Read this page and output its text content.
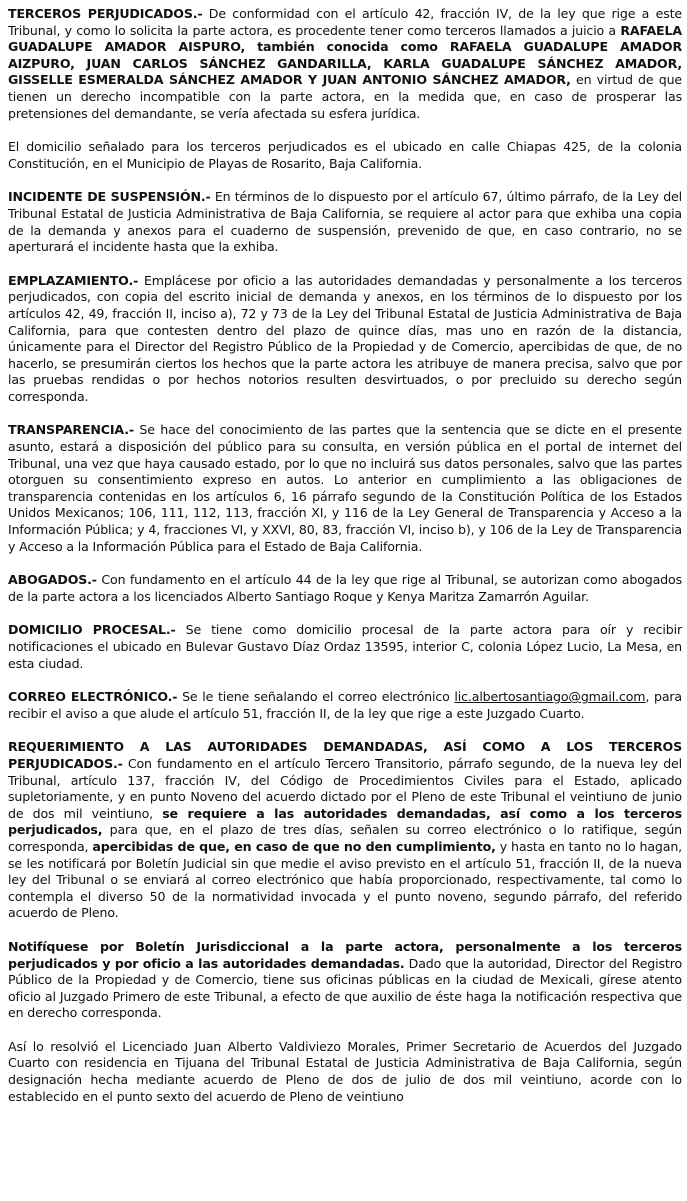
TERCEROS PERJUDICADOS.- De conformidad con el artículo 42, fracción IV, de la ley que rige a este Tribunal, y como lo solicita la parte actora, es procedente tener como terceros llamados a juicio a RAFAELA GUADALUPE AMADOR AISPURO, también conocida como RAFAELA GUADALUPE AMADOR AIZPURO, JUAN CARLOS SÁNCHEZ GANDARILLA, KARLA GUADALUPE SÁNCHEZ AMADOR, GISSELLE ESMERALDA SÁNCHEZ AMADOR Y JUAN ANTONIO SÁNCHEZ AMADOR, en virtud de que tienen un derecho incompatible con la parte actora, en la medida que, en caso de prosperar las pretensiones del demandante, se vería afectada su esfera jurídica.

El domicilio señalado para los terceros perjudicados es el ubicado en calle Chiapas 425, de la colonia Constitución, en el Municipio de Playas de Rosarito, Baja California.

INCIDENTE DE SUSPENSIÓN.- En términos de lo dispuesto por el artículo 67, último párrafo, de la Ley del Tribunal Estatal de Justicia Administrativa de Baja California, se requiere al actor para que exhiba una copia de la demanda y anexos para el cuaderno de suspensión, prevenido de que, en caso contrario, no se aperturará el incidente hasta que la exhiba.

EMPLAZAMIENTO.- Emplácese por oficio a las autoridades demandadas y personalmente a los terceros perjudicados, con copia del escrito inicial de demanda y anexos, en los términos de lo dispuesto por los artículos 42, 49, fracción II, inciso a), 72 y 73 de la Ley del Tribunal Estatal de Justicia Administrativa de Baja California, para que contesten dentro del plazo de quince días, mas uno en razón de la distancia, únicamente para el Director del Registro Público de la Propiedad y de Comercio, apercibidas de que, de no hacerlo, se presumirán ciertos los hechos que la parte actora les atribuye de manera precisa, salvo que por las pruebas rendidas o por hechos notorios resulten desvirtuados, o por precluido su derecho según corresponda.

TRANSPARENCIA.- Se hace del conocimiento de las partes que la sentencia que se dicte en el presente asunto, estará a disposición del público para su consulta, en versión pública en el portal de internet del Tribunal, una vez que haya causado estado, por lo que no incluirá sus datos personales, salvo que las partes otorguen su consentimiento expreso en autos. Lo anterior en cumplimiento a las obligaciones de transparencia contenidas en los artículos 6, 16 párrafo segundo de la Constitución Política de los Estados Unidos Mexicanos; 106, 111, 112, 113, fracción XI, y 116 de la Ley General de Transparencia y Acceso a la Información Pública; y 4, fracciones VI, y XXVI, 80, 83, fracción VI, inciso b), y 106 de la Ley de Transparencia y Acceso a la Información Pública para el Estado de Baja California.

ABOGADOS.- Con fundamento en el artículo 44 de la ley que rige al Tribunal, se autorizan como abogados de la parte actora a los licenciados Alberto Santiago Roque y Kenya Maritza Zamarrón Aguilar.

DOMICILIO PROCESAL.- Se tiene como domicilio procesal de la parte actora para oír y recibir notificaciones el ubicado en Bulevar Gustavo Díaz Ordaz 13595, interior C, colonia López Lucio, La Mesa, en esta ciudad.

CORREO ELECTRÓNICO.- Se le tiene señalando el correo electrónico lic.albertosantiago@gmail.com, para recibir el aviso a que alude el artículo 51, fracción II, de la ley que rige a este Juzgado Cuarto.

REQUERIMIENTO A LAS AUTORIDADES DEMANDADAS, ASÍ COMO A LOS TERCEROS PERJUDICADOS.- Con fundamento en el artículo Tercero Transitorio, párrafo segundo, de la nueva ley del Tribunal, artículo 137, fracción IV, del Código de Procedimientos Civiles para el Estado, aplicado supletoriamente, y en punto Noveno del acuerdo dictado por el Pleno de este Tribunal el veintiuno de junio de dos mil veintiuno, se requiere a las autoridades demandadas, así como a los terceros perjudicados, para que, en el plazo de tres días, señalen su correo electrónico o lo ratifique, según corresponda, apercibidas de que, en caso de que no den cumplimiento, y hasta en tanto no lo hagan, se les notificará por Boletín Judicial sin que medie el aviso previsto en el artículo 51, fracción II, de la nueva ley del Tribunal o se enviará al correo electrónico que había proporcionado, respectivamente, tal como lo contempla el diverso 50 de la normatividad invocada y el punto noveno, segundo párrafo, del referido acuerdo de Pleno.

Notifíquese por Boletín Jurisdiccional a la parte actora, personalmente a los terceros perjudicados y por oficio a las autoridades demandadas. Dado que la autoridad, Director del Registro Público de la Propiedad y de Comercio, tiene sus oficinas públicas en la ciudad de Mexicali, gírese atento oficio al Juzgado Primero de este Tribunal, a efecto de que auxilio de éste haga la notificación respectiva que en derecho corresponda.

Así lo resolvió el Licenciado Juan Alberto Valdiviezo Morales, Primer Secretario de Acuerdos del Juzgado Cuarto con residencia en Tijuana del Tribunal Estatal de Justicia Administrativa de Baja California, según designación hecha mediante acuerdo de Pleno de dos de julio de dos mil veintiuno, acorde con lo establecido en el punto sexto del acuerdo de Pleno de veintiuno
